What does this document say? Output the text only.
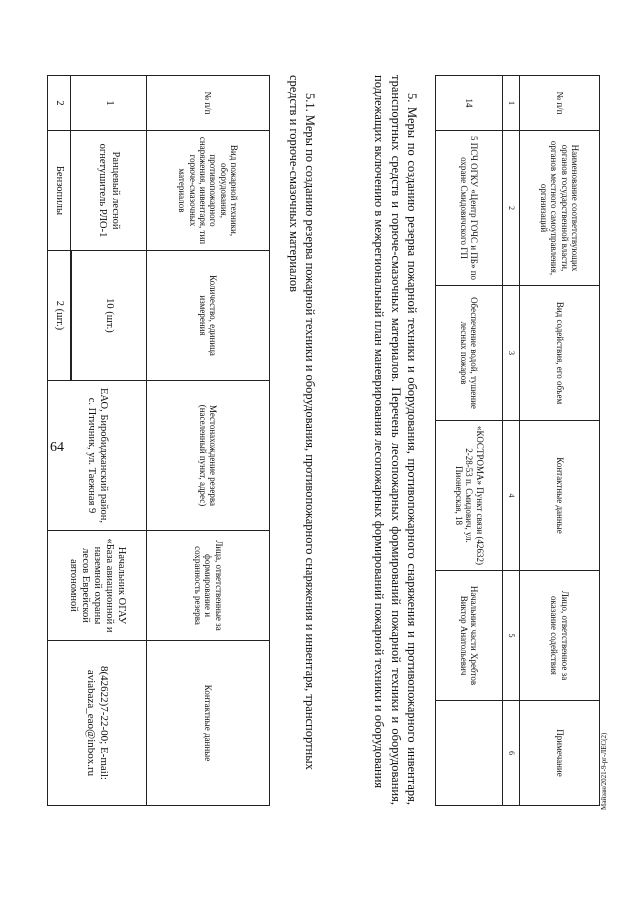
64
Майзан/2021-9-рг-ЛЕС(2)
№ п/п	Наименование соответствующих органов государственной власти, органов местного самоуправления, организаций	Вид содействия, его объем	Контактные данные	Лицо, ответственное за оказание содействия	Примечание
1	2	3	4	5	6
14	5 ПСЧ ОГКУ «Центр ГОЧС и ПБ» по охране Смидовичского ГП	Обеспечение водой, тушение лесных пожаров	«КОСТРОМА» Пункт связи (42632) 2-28-53 п. Смидович, ул. Пионерская, 18	Начальник части Хребтов Виктор Анатольевич	

5. Меры по созданию резерва пожарной техники и оборудования, противопожарного снаряжения и противопожарного инвентаря, транспортных средств и горюче-смазочных материалов. Перечень лесопожарных формирований пожарной техники и оборудования, подлежащих включению в межрегиональный план маневрирования лесопожарных формирований пожарной техники и оборудования

5.1. Меры по созданию резерва пожарной техники и оборудования, противопожарного снаряжения и инвентаря, транспортных средств и горюче-смазочных материалов

№ п/п	Вид пожарной техники, оборудования, противопожарного снаряжения, инвентаря, тип горюче-смазочных материалов	Количество, единица измерения	Местонахождение резерва (населенный пункт, адрес)	Лица, ответственные за формирование и сохранность резерва	Контактные данные
1	Ранцевый лесной огнетушитель РЛО-1	10 (шт.)	ЕАО, Биробиджанский район, с. Птичник, ул. Таежная 9	Начальник ОГАУ «База авиационной и наземной охраны лесов Еврейской автономной	8(42622)7-22-00; E-mail: aviabaza_eao@inbox.ru

2	Бензопилы	2 (шт.)			
